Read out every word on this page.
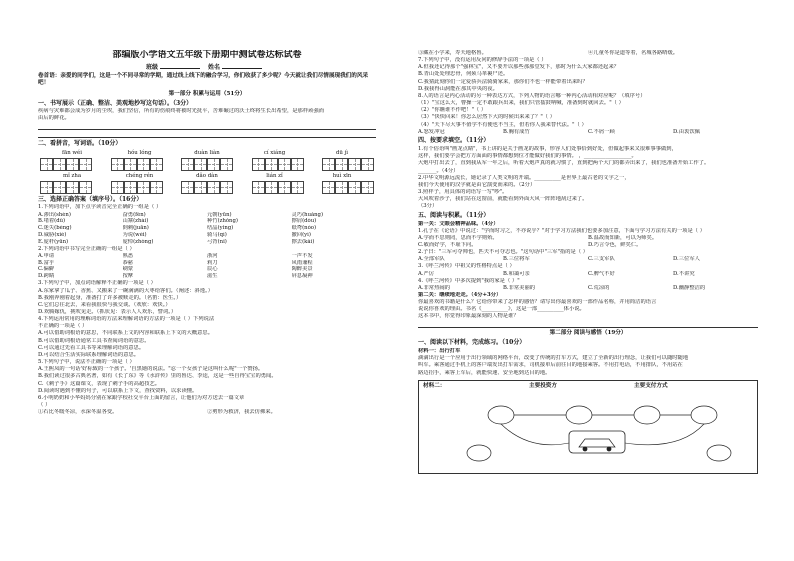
部编版小学语文五年级下册期中测试卷达标试卷
班级	姓名
卷首语：亲爱的同学们，这是一个不同寻常的学期，通过线上线下的融合学习，你们收获了多少呢？今天就让我们尽情展现我们的风采吧！
第一部分 积累与运用（51分）
一、书写展示（正确、整洁、美观地抄写这句话）。（3分）
疾病与灾难都会成为岁月的尘埃，我们坚信，所有的伤痕终将被时光抚平，苦难碾过的沃土终将生长出希望，是那样顽强而
由后的鲜花。
二、看拼音，写词语。（10分）
fān wéi	hóu lóng	duàn liàn	cí xiáng	dū jì
mǐ zha	chéng rén	dǎo dàn	lián zǐ	huì xīn
三、选择正确答案（填序号）。（16分）
1.下列词语中，加下点字读音完全正确的一组是（ ）
A.渗出(shèn)	奋勇(fèn)	元朝(yūn)	灵巧(huǎng)
B.堵着(dǔ)	山寨(zhài)	种竹(zhǒng)	擦肩(dòu)
C.迷失(bèng)	倒刺(juān)	结晶(yǐng)	纸鸢(nóo)
D.威胁(xié)	为说(wèi)	骑马(qí)	撤回(yì)
E.庞杆(yūn)	庞悼(zhòng)	弓背(nǐ)	擦去(kǎi)
2.下列词语中书写完全正确的一组是（ ）
A.申请	熟悉	浙河	一声不发
B.富乎	恭慈	莉刀	风雨兼程
C.偏僻	刷蒙	辰心	陶醉美景
D.跨睛	按摩	滋生	屏息凝神
3.下列句子中，加点词语解释不正确的一项是（ ）
A.东家拿了瓜子、香蕉、又搬来了一碗满满的大枣给客们。（阐述：斜逸。）
B.我刚奔刚着起身，准备打了许多被赎走的。（名笛：医生。）
C.它们总往北去，来看我很快与我交谈。（欢欣：欢快。）
D.欢腾嫁仇，挑吹见走。（抓状见：表示人人欢乐，譬词。）
4.下列运用常用的理解词语的方法来理解词语的方法的一项是（ ）下列说法
不正确的一项是（ ）
A.可以借助词根语的意思，不同联系上文的内容和联系上下文的大概意思。
B.可以借助词根语通常工具书查阅词语的意思。
C.可以通过先看工具书等来理解词语的意思。
D.可以结合生活实际联系理解词语的意思。
5.下列句子中，说法不正确的一项是（ ）
A.王熙凤的一句话'好标致的一个孩子。'自黑她的说法。"忍一个女孩子是这叫什么呢"一个赞扬。
B.我们读过很多古典名著，如有《长了东》等《水浒传》里的鲁达、李逵，这是一些自得宝宝的勇闻。
C.《刺子手》这篇课文，表现了刺子手的高超技艺。
D.阅读时遇到不懂的句子，可以联系上下文，查找资料，以求读懂。
6.小明奶奶和小华妈妈分别在家跟学校社交平台上面的留言，让他们为对方送去一篇文章
（ ）
①石比冬暖冬凉，水深冬温各变。	②剪形为救济，我去仿佛来。
③藏在小学来，寿天地格鲁。	④儿童冬你是道等着，名城各路晴缓。
7.下列句子中，没有运用反问的修辞手法的一项是（ ）
A.但我还记得那个"强林宝"，又不要开以那些那那堂发下，那时为什么大家都还起来？
B.青山处处埋忠骨，何须马革裹尸还。
C.我猜此刻你们一定爱骄兵法骑骑家来，那你们不也一样能带着出来吗？
D.我我得山洞能在那其中央的夜。
8.人的语言是内心活动的另一种表达方式，下列人物的语言哪一种内心活动相对应呢？（填序号）
（1）"宝这么大，曹操一定不敢跟兵出来，我们只管擂鼓呐喊，准备到时就回去。"（ ）
（2）"你瞧谁不作吧！"（ ）
（3）"快快回来！你怎么居然下大的时候出来来了？"（ ）
（4）"天下尽大事不值学不有便也不当主，但若你人我来替代法。"（ ）
A.怒发冲冠	B.胸有成竹	C.不屑一顾	D.由衷饮佩
四、按要求填空。（11分）
1.有个俗语叫"画龙点睛"，书上讲的是关于画龙的故事，形容人们处事恰到好处，但做起事来又很难事事做到，
这样，我们要学会把方方面面的事情都想到位才能做好我们的事情。 ，__________________。
大炮中打出去了，直到我从军一年之后，听着大炮声真的就习惯了，直到把两个大门的都弄出来了，我们也准备开始工作了。
_______。（4分）
2.中华文明源远流长，她记录了人类文明的开端。__________是世界上最古老的文字之一，
我们今天使用的汉字就是由它演变而来的。（2分）
3.照样子，用具体的词语写一写"吵"。
大风吹着沙子，我们站在这窗前，就能看到外面大风一阵阵地刮过来了。
（3分）
五、阅读与积累。（11分）
第一关：文眼会精神品味。（4分）
1.孔子在《论语》中说过："学而时习之，不亦说乎？"对于学习方法我们也要多加注意，下面与学习方法有关的一项是（ ）
A.学而不思则罔，思而不学则殆。	B.温故而知新，可以为师矣。
C.敏而好学，不耻下问。	D.巧言令色，鲜矣仁。
2.子曰："三军可夺帅也，匹夫不可夺志也。"这句话中"三军"指的是（ ）
A.全部军队	B.三位将军	C.三支军队	D.三位军人
3.《呼兰河传》中祖父的性格特点是（ ）
A.严厉	B.和蔼可亲	C.脾气不好	D.不讲究
4.《呼兰河传》中多次提到"我的家是（ ）"
A.非常热闹的	B.非常美丽的	C.荒凉的	D.幽静整洁的
第二关：继续地走走。（4分+3分）
你最喜欢的书籍是什么？它给你带来了怎样的感悟？请写出你最喜欢的一部作品名称，并用简洁的语言
说说你喜欢的理由。书名《__________》，这是一部__________体小说。
这本书中，你觉得印象最深刻的人物是谁？
第二部分 阅读与感悟（19分）
一、阅读以下材料，完成练习。（10分）
材料一：出行打车
滴滴出行是一个应用于出行领域的网络平台，改变了传统的打车方式，建立了全新的出行理念，让我们可以随时随地
叫车。乘客通过手机上的客户端发出打车需求，司机接单后前往目的地接乘客。不用打电话，不用排队，不用站在
路边招手，乘客上车后，就能快速、安全地到达目的地。
材料二：	主要投资方	主要支付方式
